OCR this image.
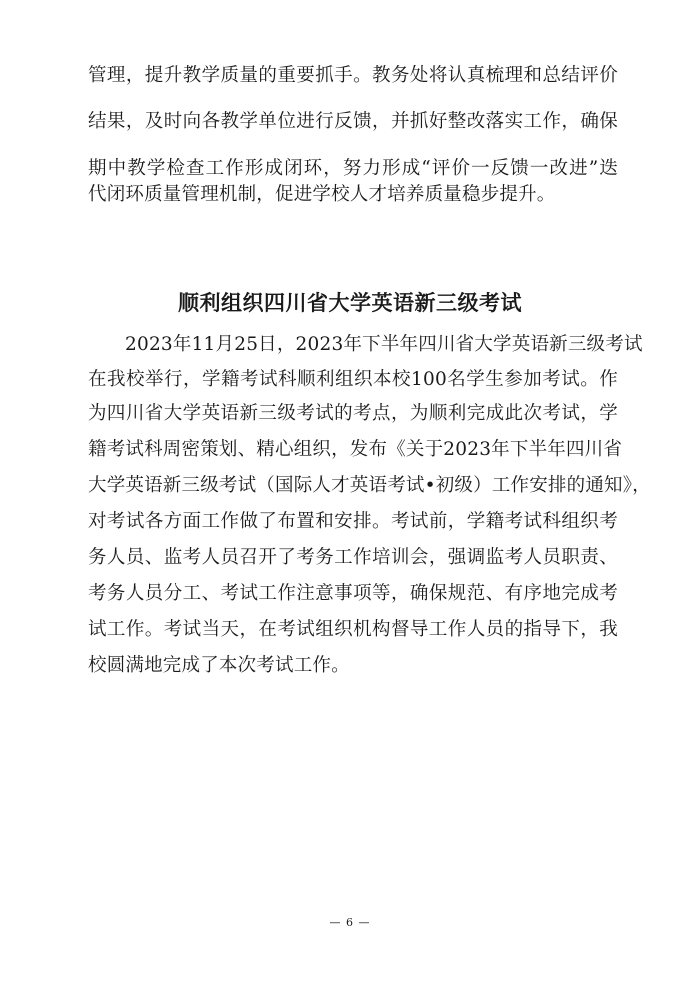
管理，提升教学质量的重要抓手。教务处将认真梳理和总结评价
结果，及时向各教学单位进行反馈，并抓好整改落实工作，确保
期中教学检查工作形成闭环，努力形成“评价一反馈一改进”迭
代闭环质量管理机制，促进学校人才培养质量稳步提升。
顺利组织四川省大学英语新三级考试
2023年11月25日，2023年下半年四川省大学英语新三级考试
在我校举行，学籍考试科顺利组织本校100名学生参加考试。作
为四川省大学英语新三级考试的考点，为顺利完成此次考试，学
籍考试科周密策划、精心组织，发布《关于2023年下半年四川省
大学英语新三级考试（国际人才英语考试•初级）工作安排的通知》，
对考试各方面工作做了布置和安排。考试前，学籍考试科组织考
务人员、监考人员召开了考务工作培训会，强调监考人员职责、
考务人员分工、考试工作注意事项等，确保规范、有序地完成考
试工作。考试当天，在考试组织机构督导工作人员的指导下，我
校圆满地完成了本次考试工作。
— 6 —
